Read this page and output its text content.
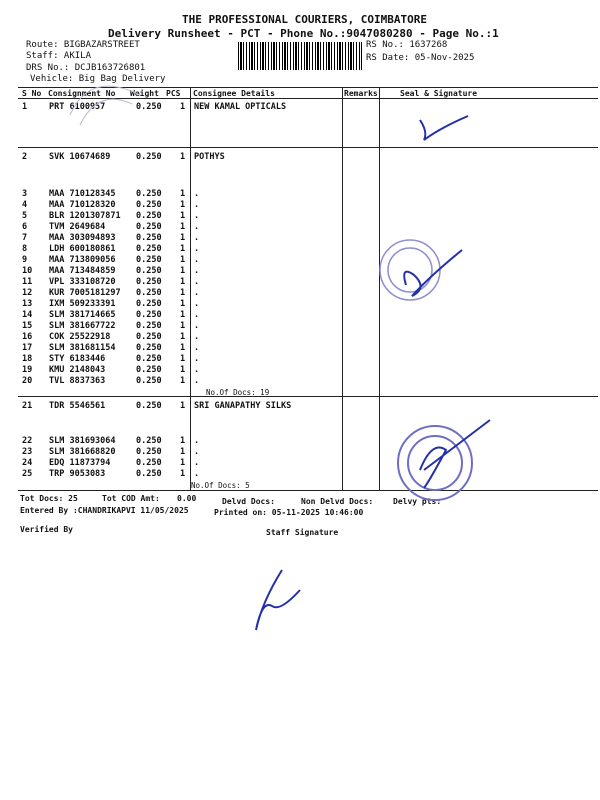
THE PROFESSIONAL COURIERS, COIMBATORE
Delivery Runsheet - PCT - Phone No.:9047080280 - Page No.:1
Route: BIGBAZARSTREET
Staff: AKILA
DRS No.: DCJB163726801
Vehicle: Big Bag Delivery
RS No.: 1637268
RS Date: 05-Nov-2025
S No Consignment No Weight PCS Consignee Details	Remarks	Seal & Signature
1	PRT 6100957	0.250 1 NEW KAMAL OPTICALS
2	SVK 10674689	0.250 1 POTHYS
3	MAA 710128345 0.250 1 .
4	MAA 710128320 0.250 1 .
5	BLR 1201307871 0.250 1 .
6	TVM 2649684	0.250 1 .
7	MAA 303094893 0.250 1 .
8	LDH 600180861 0.250 1 .
9	MAA 713809056 0.250 1 .
10 MAA 713484859 0.250 1 .
11 VPL 333108720 0.250 1 .
12 KUR 7005181297 0.250 1 .
13 IXM 509233391 0.250 1 .
14 SLM 381714665 0.250 1 .
15 SLM 381667722 0.250 1 .
16 COK 25522918	0.250 1 .
17 SLM 381681154 0.250 1 .
18 STY 6183446	0.250 1 .
19 KMU 2148043	0.250 1 .
20 TVL 8837363	0.250 1 .
No.Of Docs: 19
21 TDR 5546561	0.250 1 SRI GANAPATHY SILKS
22 SLM 381693064 0.250 1 .
23 SLM 381668820 0.250 1 .
24 EDQ 11873794	0.250 1 .
25 TRP 9053083	0.250 1 .
No.Of Docs: 5
Tot Docs: 25	Tot COD Amt: 0.00	Delvd Docs:	Non Delvd Docs: Delvy pts:
Entered By :CHANDRIKAPVI 11/05/2025	Printed on: 05-11-2025 10:46:00
Verified By	Staff Signature
